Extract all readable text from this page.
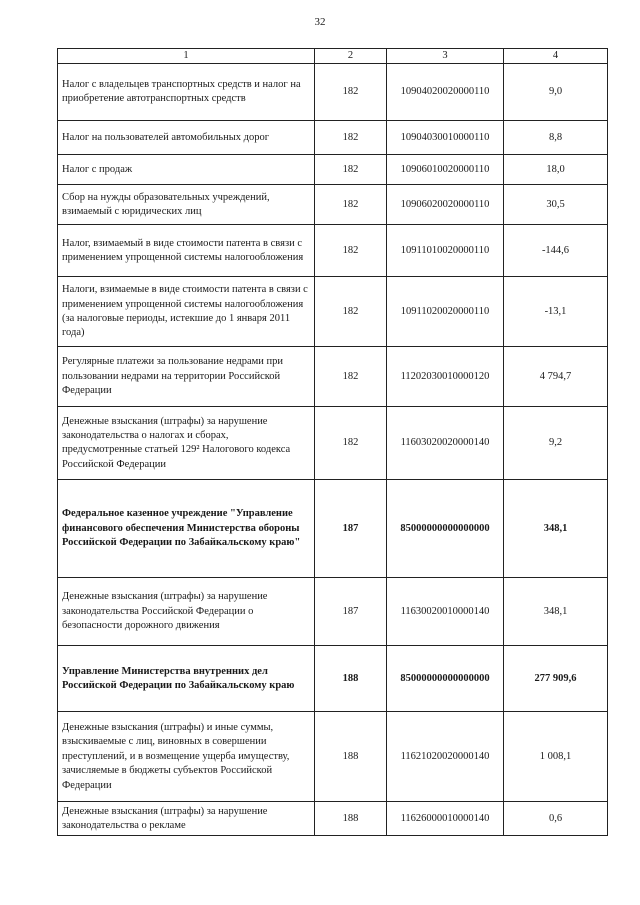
32
1	2	3	4
Налог с владельцев транспортных средств и налог на приобретение автотранспортных средств	182	10904020020000110	9,0
Налог на пользователей автомобильных дорог	182	10904030010000110	8,8
Налог с продаж	182	10906010020000110	18,0
Сбор на нужды образовательных учреждений, взимаемый с юридических лиц	182	10906020020000110	30,5
Налог, взимаемый в виде стоимости патента в связи с применением упрощенной системы налогообложения	182	10911010020000110	-144,6
Налоги, взимаемые в виде стоимости патента в связи с применением упрощенной системы налогообложения (за налоговые периоды, истекшие до 1 января 2011 года)	182	10911020020000110	-13,1
Регулярные платежи за пользование недрами при пользовании недрами на территории Российской Федерации	182	11202030010000120	4 794,7
Денежные взыскания (штрафы) за нарушение законодательства о налогах и сборах, предусмотренные статьей 129² Налогового кодекса Российской Федерации	182	11603020020000140	9,2
Федеральное казенное учреждение "Управление финансового обеспечения Министерства обороны Российской Федерации по Забайкальскому краю"	187	85000000000000000	348,1
Денежные взыскания (штрафы) за нарушение законодательства Российской Федерации о безопасности дорожного движения	187	11630020010000140	348,1
Управление Министерства внутренних дел Российской Федерации по Забайкальскому краю	188	85000000000000000	277 909,6
Денежные взыскания (штрафы) и иные суммы, взыскиваемые с лиц, виновных в совершении преступлений, и в возмещение ущерба имуществу, зачисляемые в бюджеты субъектов Российской Федерации	188	11621020020000140	1 008,1
Денежные взыскания (штрафы) за нарушение законодательства о рекламе	188	11626000010000140	0,6
